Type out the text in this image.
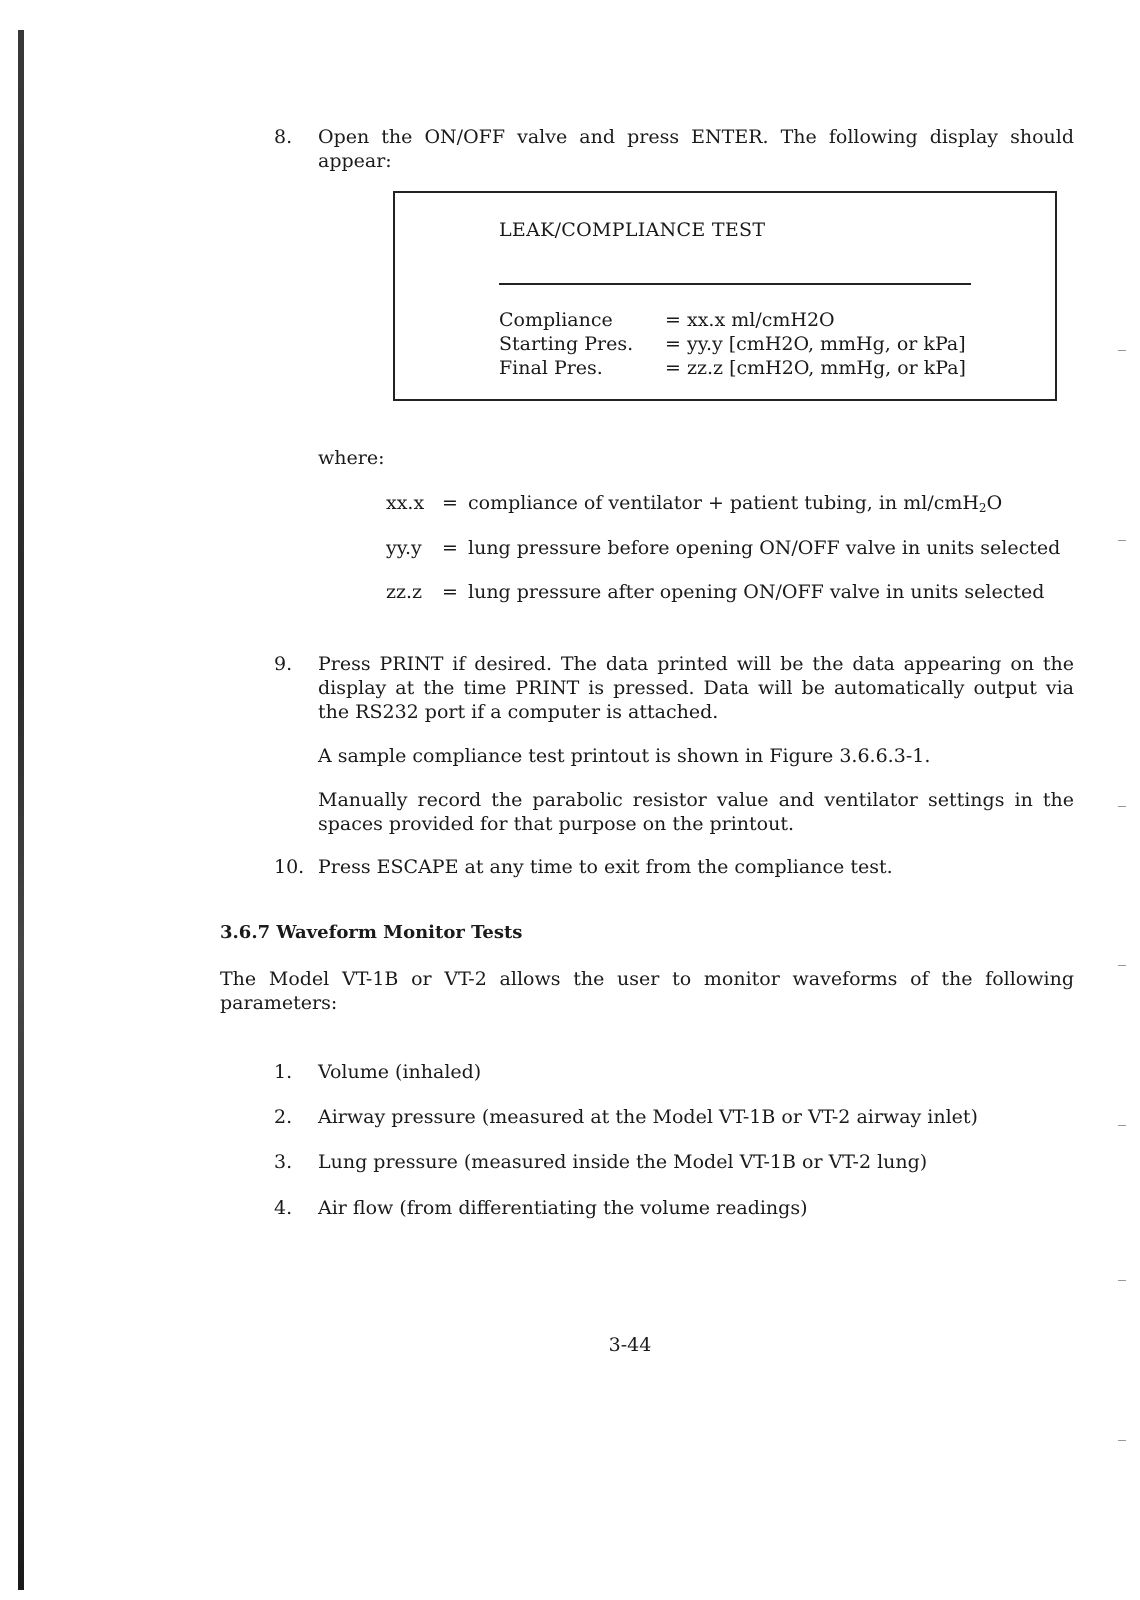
8. Open the ON/OFF valve and press ENTER. The following display should appear:

LEAK/COMPLIANCE TEST
Compliance	= xx.x ml/cmH2O
Starting Pres. = yy.y [cmH2O, mmHg, or kPa]
Final Pres.	= zz.z [cmH2O, mmHg, or kPa]
where:
xx.x = compliance of ventilator + patient tubing, in ml/cmH$_2$O
yy.y = lung pressure before opening ON/OFF valve in units selected
zz.z = lung pressure after opening ON/OFF valve in units selected
9. Press PRINT if desired. The data printed will be the data appearing on the display at the time PRINT is pressed. Data will be automatically output via the RS232 port if a computer is attached.

A sample compliance test printout is shown in Figure 3.6.6.3-1.

Manually record the parabolic resistor value and ventilator settings in the spaces provided for that purpose on the printout.

10. Press ESCAPE at any time to exit from the compliance test.

3.6.7 Waveform Monitor Tests
The Model VT-1B or VT-2 allows the user to monitor waveforms of the following parameters:
1. Volume (inhaled)
2. Airway pressure (measured at the Model VT-1B or VT-2 airway inlet)
3. Lung pressure (measured inside the Model VT-1B or VT-2 lung)
4. Air flow (from differentiating the volume readings)
3-44
